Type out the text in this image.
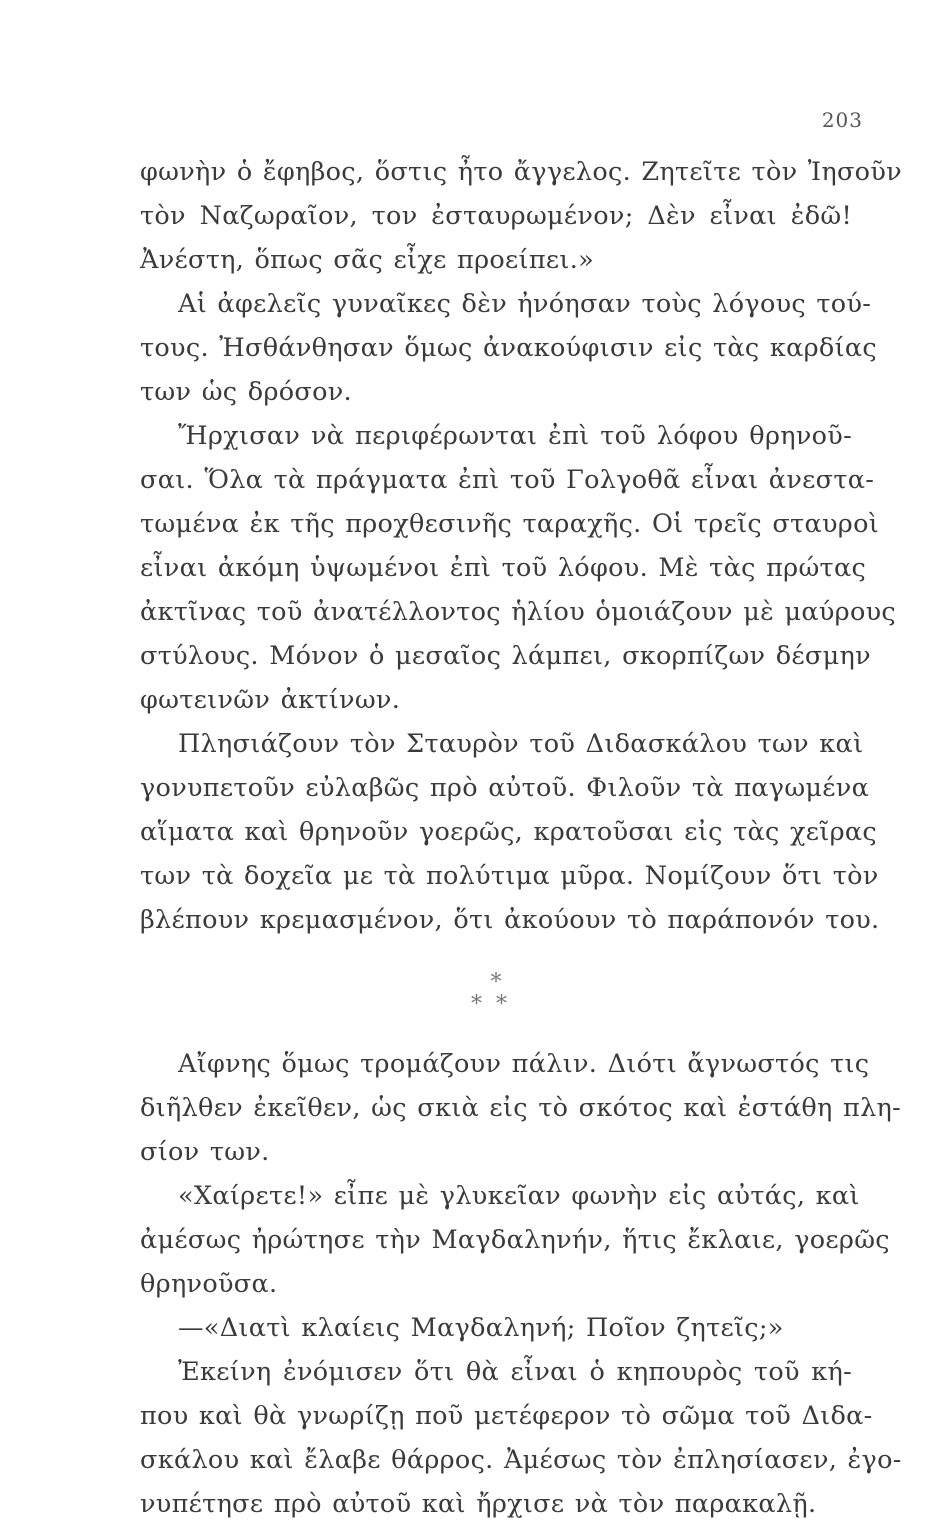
203
φωνὴν ὁ ἔφηβος, ὅστις ἦτο ἄγγελος. Ζητεῖτε τὸν Ἰησοῦν
τὸν Ναζωραῖον, τον ἐσταυρωμένον; Δὲν εἶναι ἐδῶ!
Ἀνέστη, ὅπως σᾶς εἶχε προείπει.»
Αἱ ἀφελεῖς γυναῖκες δὲν ἠνόησαν τοὺς λόγους τού-
τους. Ἠσθάνθησαν ὅμως ἀνακούφισιν εἰς τὰς καρδίας
των ὡς δρόσον.
Ἤρχισαν νὰ περιφέρωνται ἐπὶ τοῦ λόφου θρηνοῦ-
σαι. Ὅλα τὰ πράγματα ἐπὶ τοῦ Γολγοθᾶ εἶναι ἀνεστα-
τωμένα ἐκ τῆς προχθεσινῆς ταραχῆς. Οἱ τρεῖς σταυροὶ
εἶναι ἀκόμη ὑψωμένοι ἐπὶ τοῦ λόφου. Μὲ τὰς πρώτας
ἀκτῖνας τοῦ ἀνατέλλοντος ἡλίου ὁμοιάζουν μὲ μαύρους
στύλους. Μόνον ὁ μεσαῖος λάμπει, σκορπίζων δέσμην
φωτεινῶν ἀκτίνων.
Πλησιάζουν τὸν Σταυρὸν τοῦ Διδασκάλου των καὶ
γονυπετοῦν εὐλαβῶς πρὸ αὐτοῦ. Φιλοῦν τὰ παγωμένα
αἵματα καὶ θρηνοῦν γοερῶς, κρατοῦσαι εἰς τὰς χεῖρας
των τὰ δοχεῖα με τὰ πολύτιμα μῦρα. Νομίζουν ὅτι τὸν
βλέπουν κρεμασμένον, ὅτι ἀκούουν τὸ παράπονόν του.
*
**
Αἴφνης ὅμως τρομάζουν πάλιν. Διότι ἄγνωστός τις
διῆλθεν ἐκεῖθεν, ὡς σκιὰ εἰς τὸ σκότος καὶ ἐστάθη πλη-
σίον των.
«Χαίρετε!» εἶπε μὲ γλυκεῖαν φωνὴν εἰς αὐτάς, καὶ
ἀμέσως ἠρώτησε τὴν Μαγδαληνήν, ἥτις ἔκλαιε, γοερῶς
θρηνοῦσα.
—«Διατὶ κλαίεις Μαγδαληνή; Ποῖον ζητεῖς;»
Ἐκείνη ἐνόμισεν ὅτι θὰ εἶναι ὁ κηπουρὸς τοῦ κή-
που καὶ θὰ γνωρίζῃ ποῦ μετέφερον τὸ σῶμα τοῦ Διδα-
σκάλου καὶ ἔλαβε θάρρος. Ἀμέσως τὸν ἐπλησίασεν, ἐγο-
νυπέτησε πρὸ αὐτοῦ καὶ ἤρχισε νὰ τὸν παρακαλῇ.
